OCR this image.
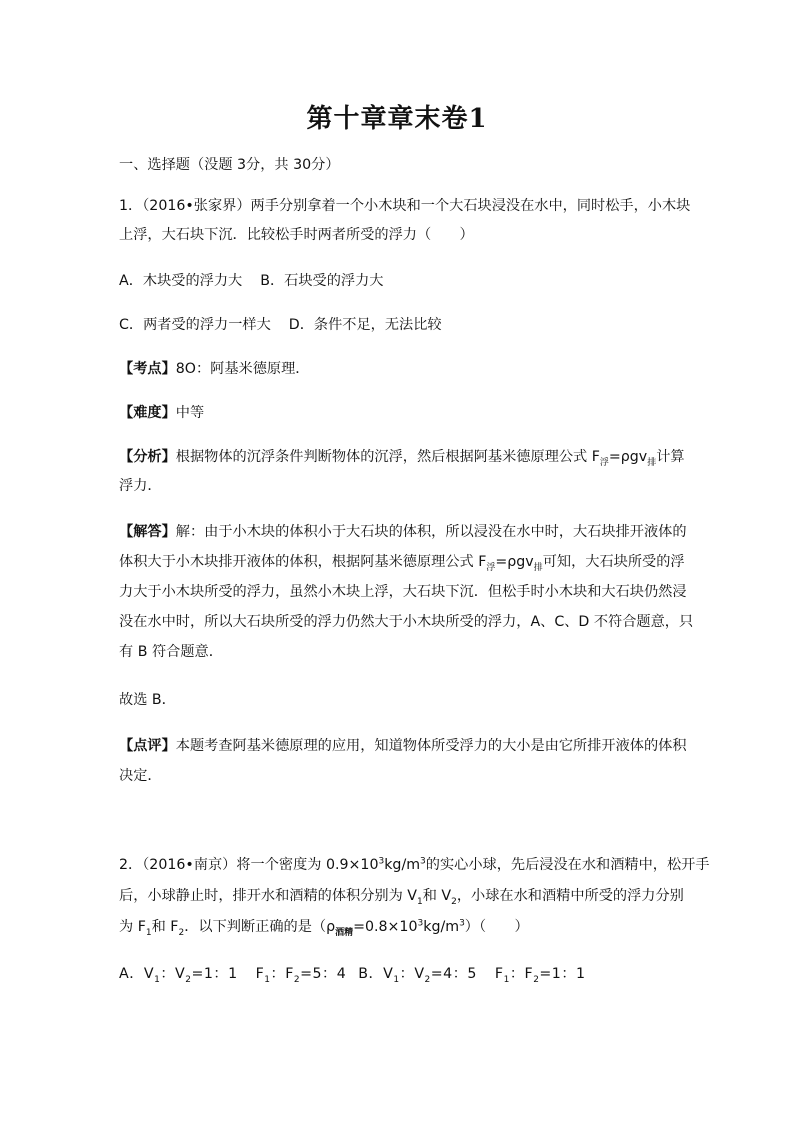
第十章章末卷1
一、选择题（没题 3分，共 30分）
1．（2016•张家界）两手分别拿着一个小木块和一个大石块浸没在水中，同时松手，小木块
上浮，大石块下沉．比较松手时两者所受的浮力（　　）
A．木块受的浮力大 B．石块受的浮力大
C．两者受的浮力一样大 D．条件不足，无法比较
【考点】8O：阿基米德原理．
【难度】中等
【分析】根据物体的沉浮条件判断物体的沉浮，然后根据阿基米德原理公式 $F_浮=\rho gv_排$计算
浮力．
【解答】解：由于小木块的体积小于大石块的体积，所以浸没在水中时，大石块排开液体的
体积大于小木块排开液体的体积，根据阿基米德原理公式 $F_浮=\rho gv_排$可知，大石块所受的浮
力大于小木块所受的浮力，虽然小木块上浮，大石块下沉．但松手时小木块和大石块仍然浸
没在水中时，所以大石块所受的浮力仍然大于小木块所受的浮力，A、C、D 不符合题意，只
有 B 符合题意．
故选 B．
【点评】本题考查阿基米德原理的应用，知道物体所受浮力的大小是由它所排开液体的体积
决定．
2．（2016•南京）将一个密度为 $0.9\times 10^3kg/m^3$的实心小球，先后浸没在水和酒精中，松开手
后，小球静止时，排开水和酒精的体积分别为 $V_1$和 $V_2$，小球在水和酒精中所受的浮力分别
为 $F_1$和 $F_2$．以下判断正确的是$(\rho_{酒精}=0.8\times 10^3kg/m^3)$（　　）
A．$V_1$：$V_2=1$：1 $F_1$：$F_2=5$：4 B．$V_1$：$V_2=4$：5 $F_1$：$F_2=1$：1
